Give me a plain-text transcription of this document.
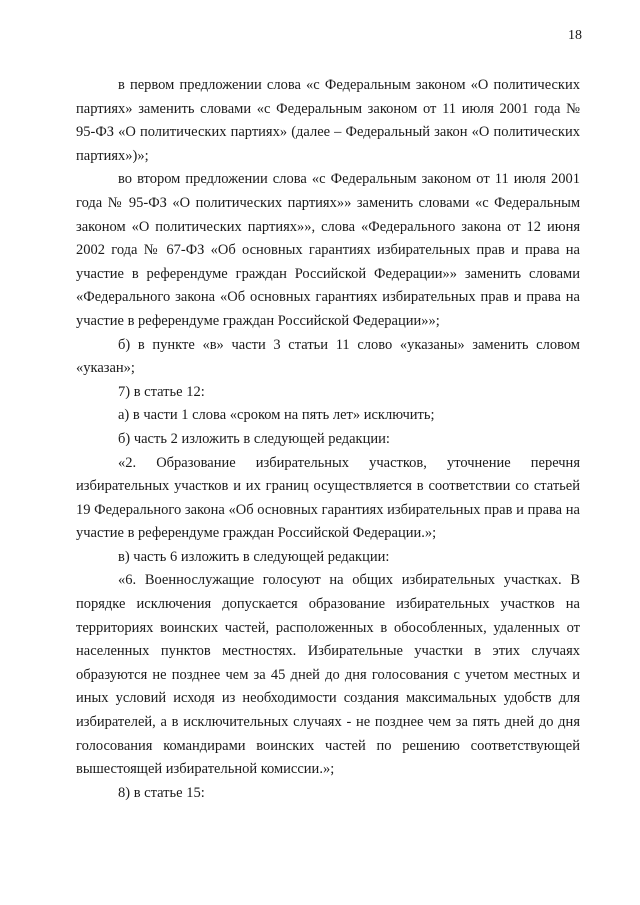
18

в первом предложении слова «с Федеральным законом «О политических партиях» заменить словами «с Федеральным законом от 11 июля 2001 года № 95-ФЗ «О политических партиях» (далее – Федеральный закон «О политических партиях»)»;

во втором предложении слова «с Федеральным законом от 11 июля 2001 года № 95-ФЗ «О политических партиях»» заменить словами «с Федеральным законом «О политических партиях»», слова «Федерального закона от 12 июня 2002 года № 67-ФЗ «Об основных гарантиях избирательных прав и права на участие в референдуме граждан Российской Федерации»» заменить словами «Федерального закона «Об основных гарантиях избирательных прав и права на участие в референдуме граждан Российской Федерации»»;

б) в пункте «в» части 3 статьи 11 слово «указаны» заменить словом «указан»;

7) в статье 12:

а) в части 1 слова «сроком на пять лет» исключить;

б) часть 2 изложить в следующей редакции:

«2. Образование избирательных участков, уточнение перечня избирательных участков и их границ осуществляется в соответствии со статьей 19 Федерального закона «Об основных гарантиях избирательных прав и права на участие в референдуме граждан Российской Федерации.»;

в) часть 6 изложить в следующей редакции:

«6. Военнослужащие голосуют на общих избирательных участках. В порядке исключения допускается образование избирательных участков на территориях воинских частей, расположенных в обособленных, удаленных от населенных пунктов местностях. Избирательные участки в этих случаях образуются не позднее чем за 45 дней до дня голосования с учетом местных и иных условий исходя из необходимости создания максимальных удобств для избирателей, а в исключительных случаях - не позднее чем за пять дней до дня голосования командирами воинских частей по решению соответствующей вышестоящей избирательной комиссии.»;

8) в статье 15:
